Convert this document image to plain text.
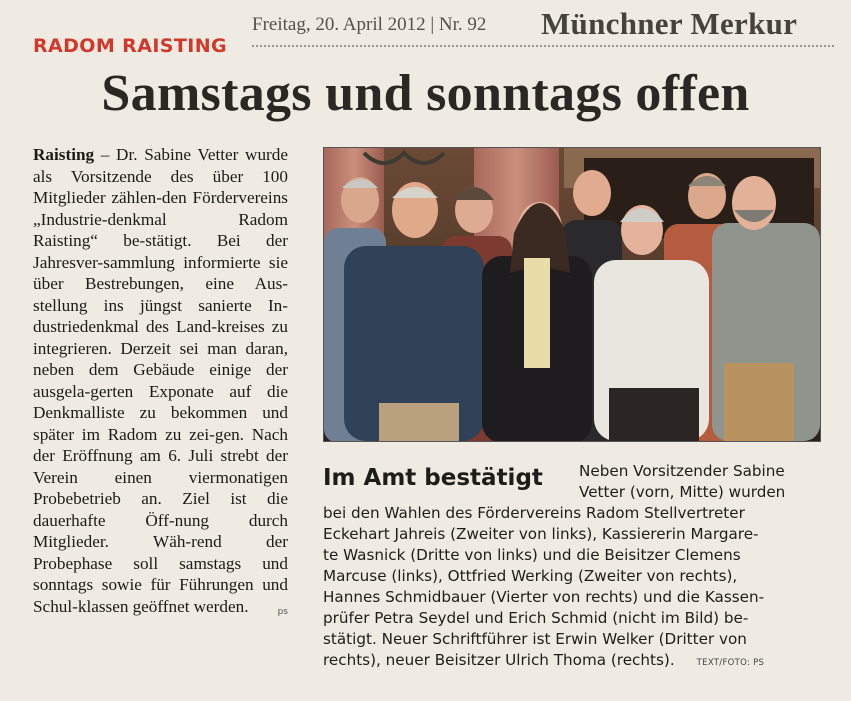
Freitag, 20. April 2012 | Nr. 92 Münchner Merkur
RADOM RAISTING
Samstags und sonntags offen
Raisting – Dr. Sabine Vetter wurde als Vorsitzende des über 100 Mitglieder zählen-​den Fördervereins „Industrie-​denkmal Radom Raisting“ be-​stätigt. Bei der Jahresver-​sammlung informierte sie über Bestrebungen, eine Aus-​stellung ins jüngst sanierte In-​dustriedenkmal des Land-​kreises zu integrieren. Derzeit sei man daran, neben dem Gebäude einige der ausgela-​gerten Exponate auf die Denkmalliste zu bekommen und später im Radom zu zei-​gen. Nach der Eröffnung am 6. Juli strebt der Verein einen viermonatigen Probebetrieb an. Ziel ist die dauerhafte Öff-​nung durch Mitglieder. Wäh-​rend der Probephase soll samstags und sonntags sowie für Führungen und Schul-​klassen geöffnet werden.	ps
Im Amt bestätigt Neben Vorsitzender Sabine
Vetter (vorn, Mitte) wurden
bei den Wahlen des Fördervereins Radom Stellvertreter
Eckehart Jahreis (Zweiter von links), Kassiererin Margare-
te Wasnick (Dritte von links) und die Beisitzer Clemens
Marcuse (links), Ottfried Werking (Zweiter von rechts),
Hannes Schmidbauer (Vierter von rechts) und die Kassen-
prüfer Petra Seydel und Erich Schmid (nicht im Bild) be-
stätigt. Neuer Schriftführer ist Erwin Welker (Dritter von
rechts), neuer Beisitzer Ulrich Thoma (rechts).	TEXT/FOTO: PS
